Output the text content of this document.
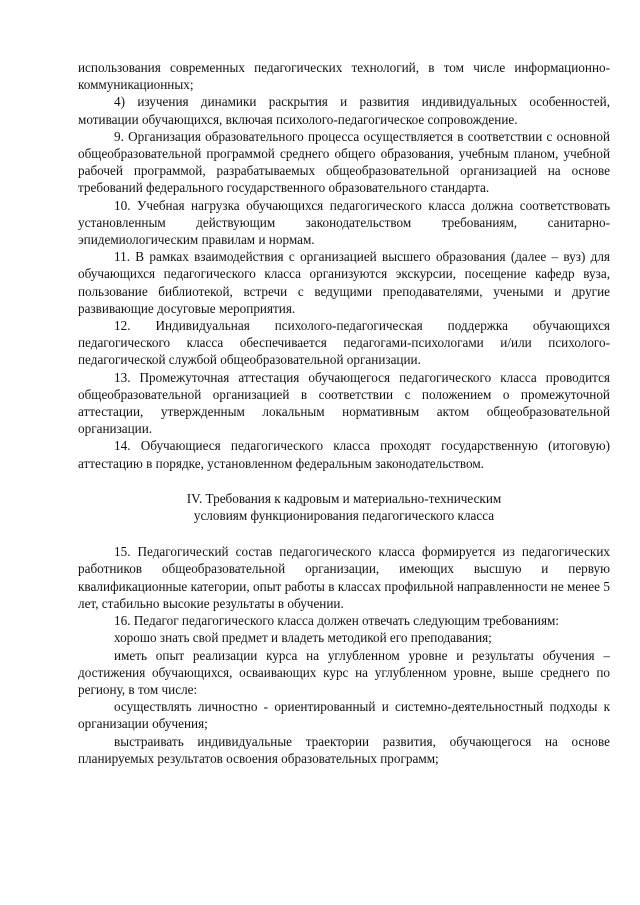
использования современных педагогических технологий, в том числе информационно-коммуникационных;

4) изучения динамики раскрытия и развития индивидуальных особенностей, мотивации обучающихся, включая психолого-педагогическое сопровождение.

9. Организация образовательного процесса осуществляется в соответствии с основной общеобразовательной программой среднего общего образования, учебным планом, учебной рабочей программой, разрабатываемых общеобразовательной организацией на основе требований федерального государственного образовательного стандарта.

10. Учебная нагрузка обучающихся педагогического класса должна соответствовать установленным действующим законодательством требованиям, санитарно-эпидемиологическим правилам и нормам.

11. В рамках взаимодействия с организацией высшего образования (далее – вуз) для обучающихся педагогического класса организуются экскурсии, посещение кафедр вуза, пользование библиотекой, встречи с ведущими преподавателями, учеными и другие развивающие досуговые мероприятия.

12. Индивидуальная психолого-педагогическая поддержка обучающихся педагогического класса обеспечивается педагогами-психологами и/или психолого-педагогической службой общеобразовательной организации.

13. Промежуточная аттестация обучающегося педагогического класса проводится общеобразовательной организацией в соответствии с положением о промежуточной аттестации, утвержденным локальным нормативным актом общеобразовательной организации.

14. Обучающиеся педагогического класса проходят государственную (итоговую) аттестацию в порядке, установленном федеральным законодательством.

IV. Требования к кадровым и материально-техническим
условиям функционирования педагогического класса

15. Педагогический состав педагогического класса формируется из педагогических работников общеобразовательной организации, имеющих высшую и первую квалификационные категории, опыт работы в классах профильной направленности не менее 5 лет, стабильно высокие результаты в обучении.

16. Педагог педагогического класса должен отвечать следующим требованиям:

хорошо знать свой предмет и владеть методикой его преподавания;

иметь опыт реализации курса на углубленном уровне и результаты обучения – достижения обучающихся, осваивающих курс на углубленном уровне, выше среднего по региону, в том числе:

осуществлять личностно - ориентированный и системно-деятельностный подходы к организации обучения;

выстраивать индивидуальные траектории развития, обучающегося на основе планируемых результатов освоения образовательных программ;
